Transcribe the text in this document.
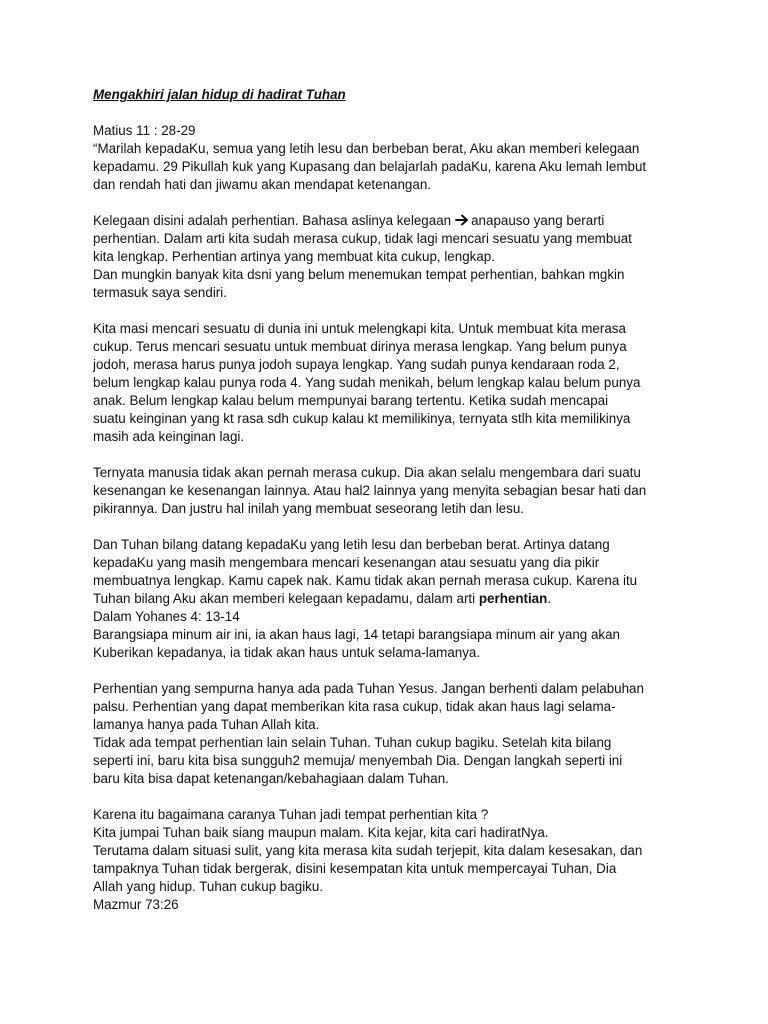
Mengakhiri jalan hidup di hadirat Tuhan
Matius 11 : 28-29
“Marilah kepadaKu, semua yang letih lesu dan berbeban berat, Aku akan memberi kelegaan
kepadamu. 29 Pikullah kuk yang Kupasang dan belajarlah padaKu, karena Aku lemah lembut
dan rendah hati dan jiwamu akan mendapat ketenangan.
Kelegaan disini adalah perhentian. Bahasa aslinya kelegaan anapauso yang berarti
perhentian. Dalam arti kita sudah merasa cukup, tidak lagi mencari sesuatu yang membuat
kita lengkap. Perhentian artinya yang membuat kita cukup, lengkap.
Dan mungkin banyak kita dsni yang belum menemukan tempat perhentian, bahkan mgkin
termasuk saya sendiri.
Kita masi mencari sesuatu di dunia ini untuk melengkapi kita. Untuk membuat kita merasa
cukup. Terus mencari sesuatu untuk membuat dirinya merasa lengkap. Yang belum punya
jodoh, merasa harus punya jodoh supaya lengkap. Yang sudah punya kendaraan roda 2,
belum lengkap kalau punya roda 4. Yang sudah menikah, belum lengkap kalau belum punya
anak. Belum lengkap kalau belum mempunyai barang tertentu. Ketika sudah mencapai
suatu keinginan yang kt rasa sdh cukup kalau kt memilikinya, ternyata stlh kita memilikinya
masih ada keinginan lagi.
Ternyata manusia tidak akan pernah merasa cukup. Dia akan selalu mengembara dari suatu
kesenangan ke kesenangan lainnya. Atau hal2 lainnya yang menyita sebagian besar hati dan
pikirannya. Dan justru hal inilah yang membuat seseorang letih dan lesu.
Dan Tuhan bilang datang kepadaKu yang letih lesu dan berbeban berat. Artinya datang
kepadaKu yang masih mengembara mencari kesenangan atau sesuatu yang dia pikir
membuatnya lengkap. Kamu capek nak. Kamu tidak akan pernah merasa cukup. Karena itu
Tuhan bilang Aku akan memberi kelegaan kepadamu, dalam arti perhentian.
Dalam Yohanes 4: 13-14
Barangsiapa minum air ini, ia akan haus lagi, 14 tetapi barangsiapa minum air yang akan
Kuberikan kepadanya, ia tidak akan haus untuk selama-lamanya.
Perhentian yang sempurna hanya ada pada Tuhan Yesus. Jangan berhenti dalam pelabuhan
palsu. Perhentian yang dapat memberikan kita rasa cukup, tidak akan haus lagi selama-
lamanya hanya pada Tuhan Allah kita.
Tidak ada tempat perhentian lain selain Tuhan. Tuhan cukup bagiku. Setelah kita bilang
seperti ini, baru kita bisa sungguh2 memuja/ menyembah Dia. Dengan langkah seperti ini
baru kita bisa dapat ketenangan/kebahagiaan dalam Tuhan.
Karena itu bagaimana caranya Tuhan jadi tempat perhentian kita ?
Kita jumpai Tuhan baik siang maupun malam. Kita kejar, kita cari hadiratNya.
Terutama dalam situasi sulit, yang kita merasa kita sudah terjepit, kita dalam kesesakan, dan
tampaknya Tuhan tidak bergerak, disini kesempatan kita untuk mempercayai Tuhan, Dia
Allah yang hidup. Tuhan cukup bagiku.
Mazmur 73:26
